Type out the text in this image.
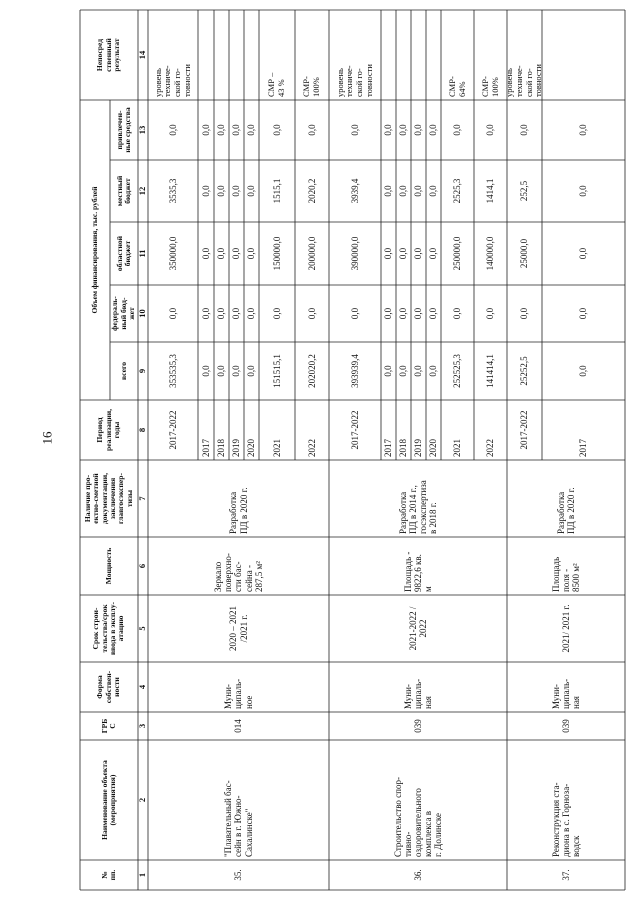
16
№
пп.
Наименование объекта
(мероприятия)
ГРБ
С
Форма
собствен-
ности
Срок строи-
тельства/срок
ввода в эксплу-
атацию
Мощность
Наличие про-
ектно-сметной
документации,
заключения
главгосэкспер-
тизы
Период
реализации,
годы
Объем финансирования, тыс. рублей
всего
федераль-
ный бюд-
жет
областной
бюджет
местный
бюджет
привлечен-
ные средства
Непосред
ственный
результат
1
2
3
4
5
6
7
8
9
10
11
12
13
14
35.
"Плавательный бас-
сейн в г. Южно-
Сахалинске"
014
Муни-
ципаль-
ное
2020 – 2021
/2021 г.
Зеркало
поверхно-
сти бас-
сейна -
287,5 м²
Разработка
ПД в 2020 г.
2017-2022
353535,3
0,0
350000,0
3535,3
0,0
уровень
техниче-
ской го-
товности
2017
0,0
0,0
0,0
0,0
0,0
2018
0,0
0,0
0,0
0,0
0,0
2019
0,0
0,0
0,0
0,0
0,0
2020
0,0
0,0
0,0
0,0
0,0
2021
151515,1
0,0
150000,0
1515,1
0,0
СМР –
43 %
2022
202020,2
0,0
200000,0
2020,2
0,0
СМР-
100%
36.
Строительство спор-
тивно-
оздоровительного
комплекса в
г. Долинске
039
Муни-
ципаль-
ная
2021-2022 /
2022
Площадь -
9822,6 кв.
м
Разработка
ПД в 2014 г.,
госэкспертиза
в 2018 г.
2017-2022
393939,4
0,0
390000,0
3939,4
0,0
уровень
техниче-
ской го-
товности
2017
0,0
0,0
0,0
0,0
0,0
2018
0,0
0,0
0,0
0,0
0,0
2019
0,0
0,0
0,0
0,0
0,0
2020
0,0
0,0
0,0
0,0
0,0
2021
252525,3
0,0
250000,0
2525,3
0,0
СМР-
64%
2022
141414,1
0,0
140000,0
1414,1
0,0
СМР-
100%
37.
Реконструкция ста-
диона в с. Горноза-
водск
039
Муни-
ципаль-
ная
2021/ 2021 г.
Площадь
поля -
8500 м²
Разработка
ПД в 2020 г.
2017-2022
25252,5
0,0
25000,0
252,5
0,0
уровень
техниче-
ской го-
товности
2017
0,0
0,0
0,0
0,0
0,0
